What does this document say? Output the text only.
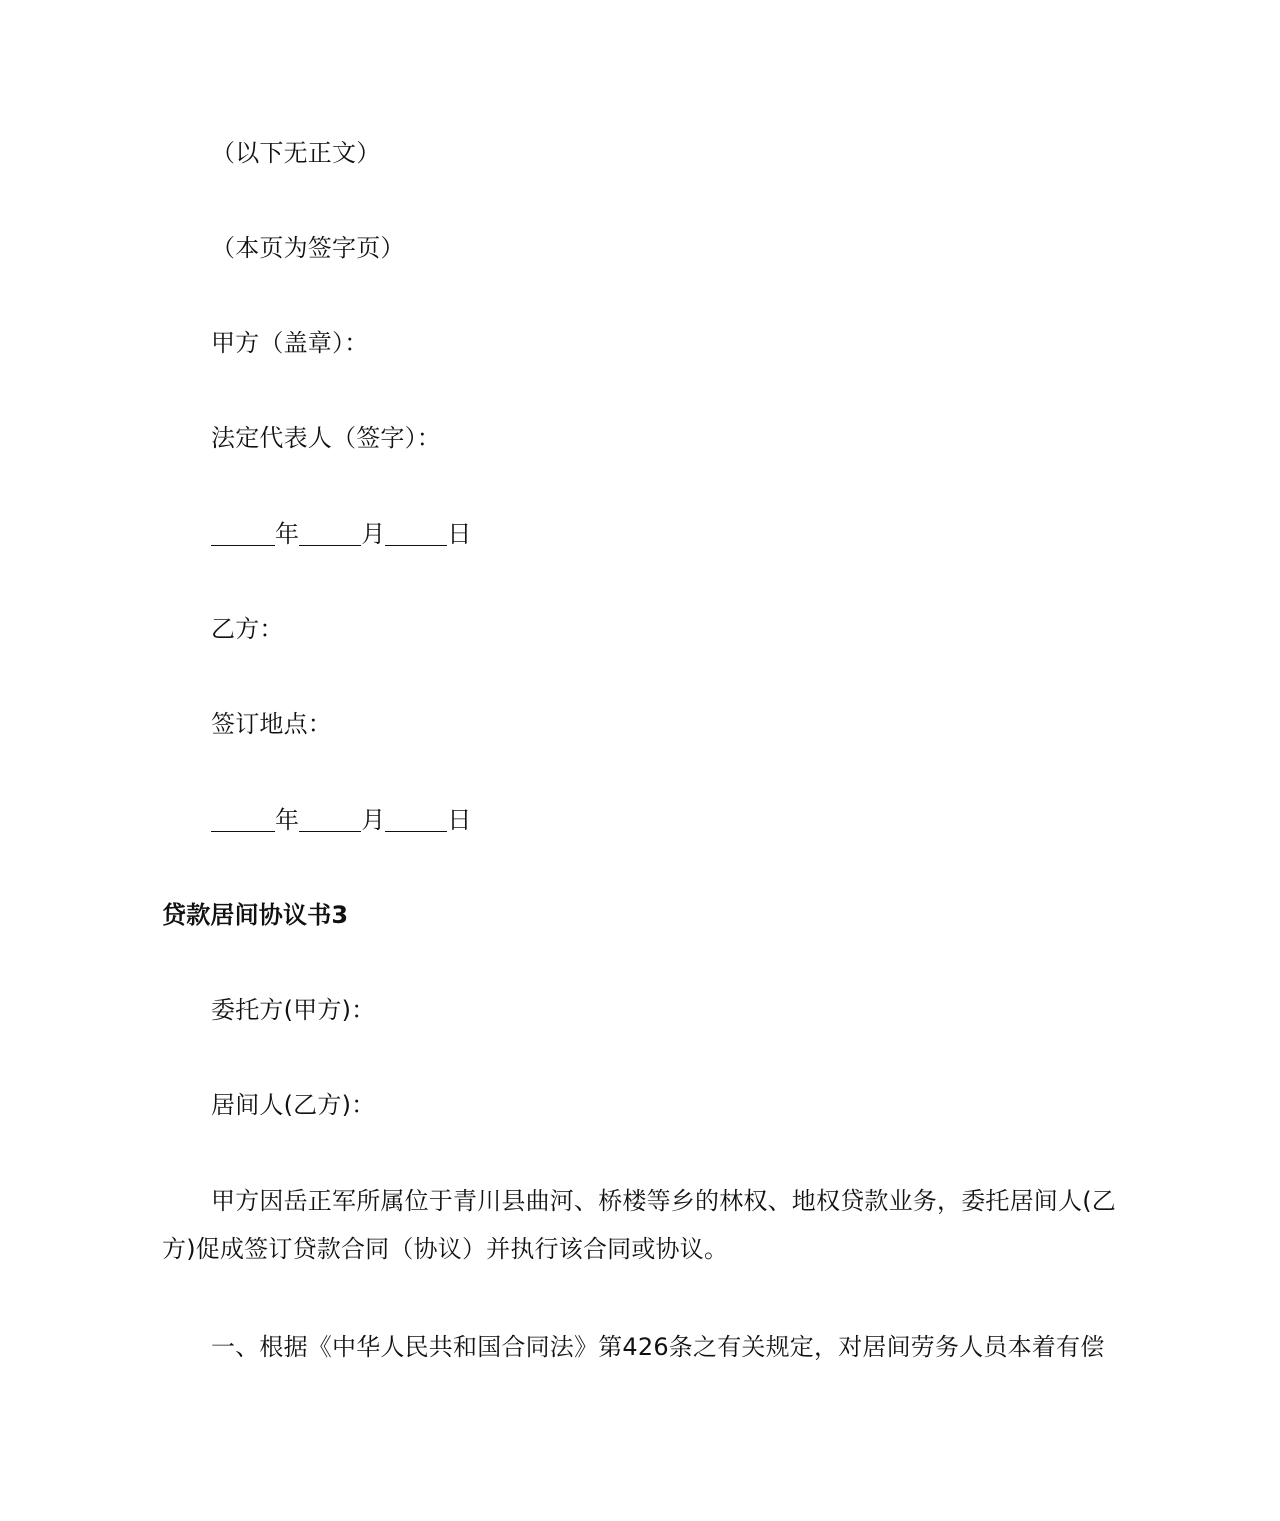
（以下无正文）
（本页为签字页）
甲方（盖章）：
法定代表人（签字）：
年	月	日
乙方：
签订地点：
年	月	日
贷款居间协议书3
委托方(甲方)：
居间人(乙方)：
甲方因岳正军所属位于青川县曲河、桥楼等乡的林权、地权贷款业务，委托居间人(乙方)促成签订贷款合同（协议）并执行该合同或协议。
一、根据《中华人民共和国合同法》第426条之有关规定，对居间劳务人员本着有偿
